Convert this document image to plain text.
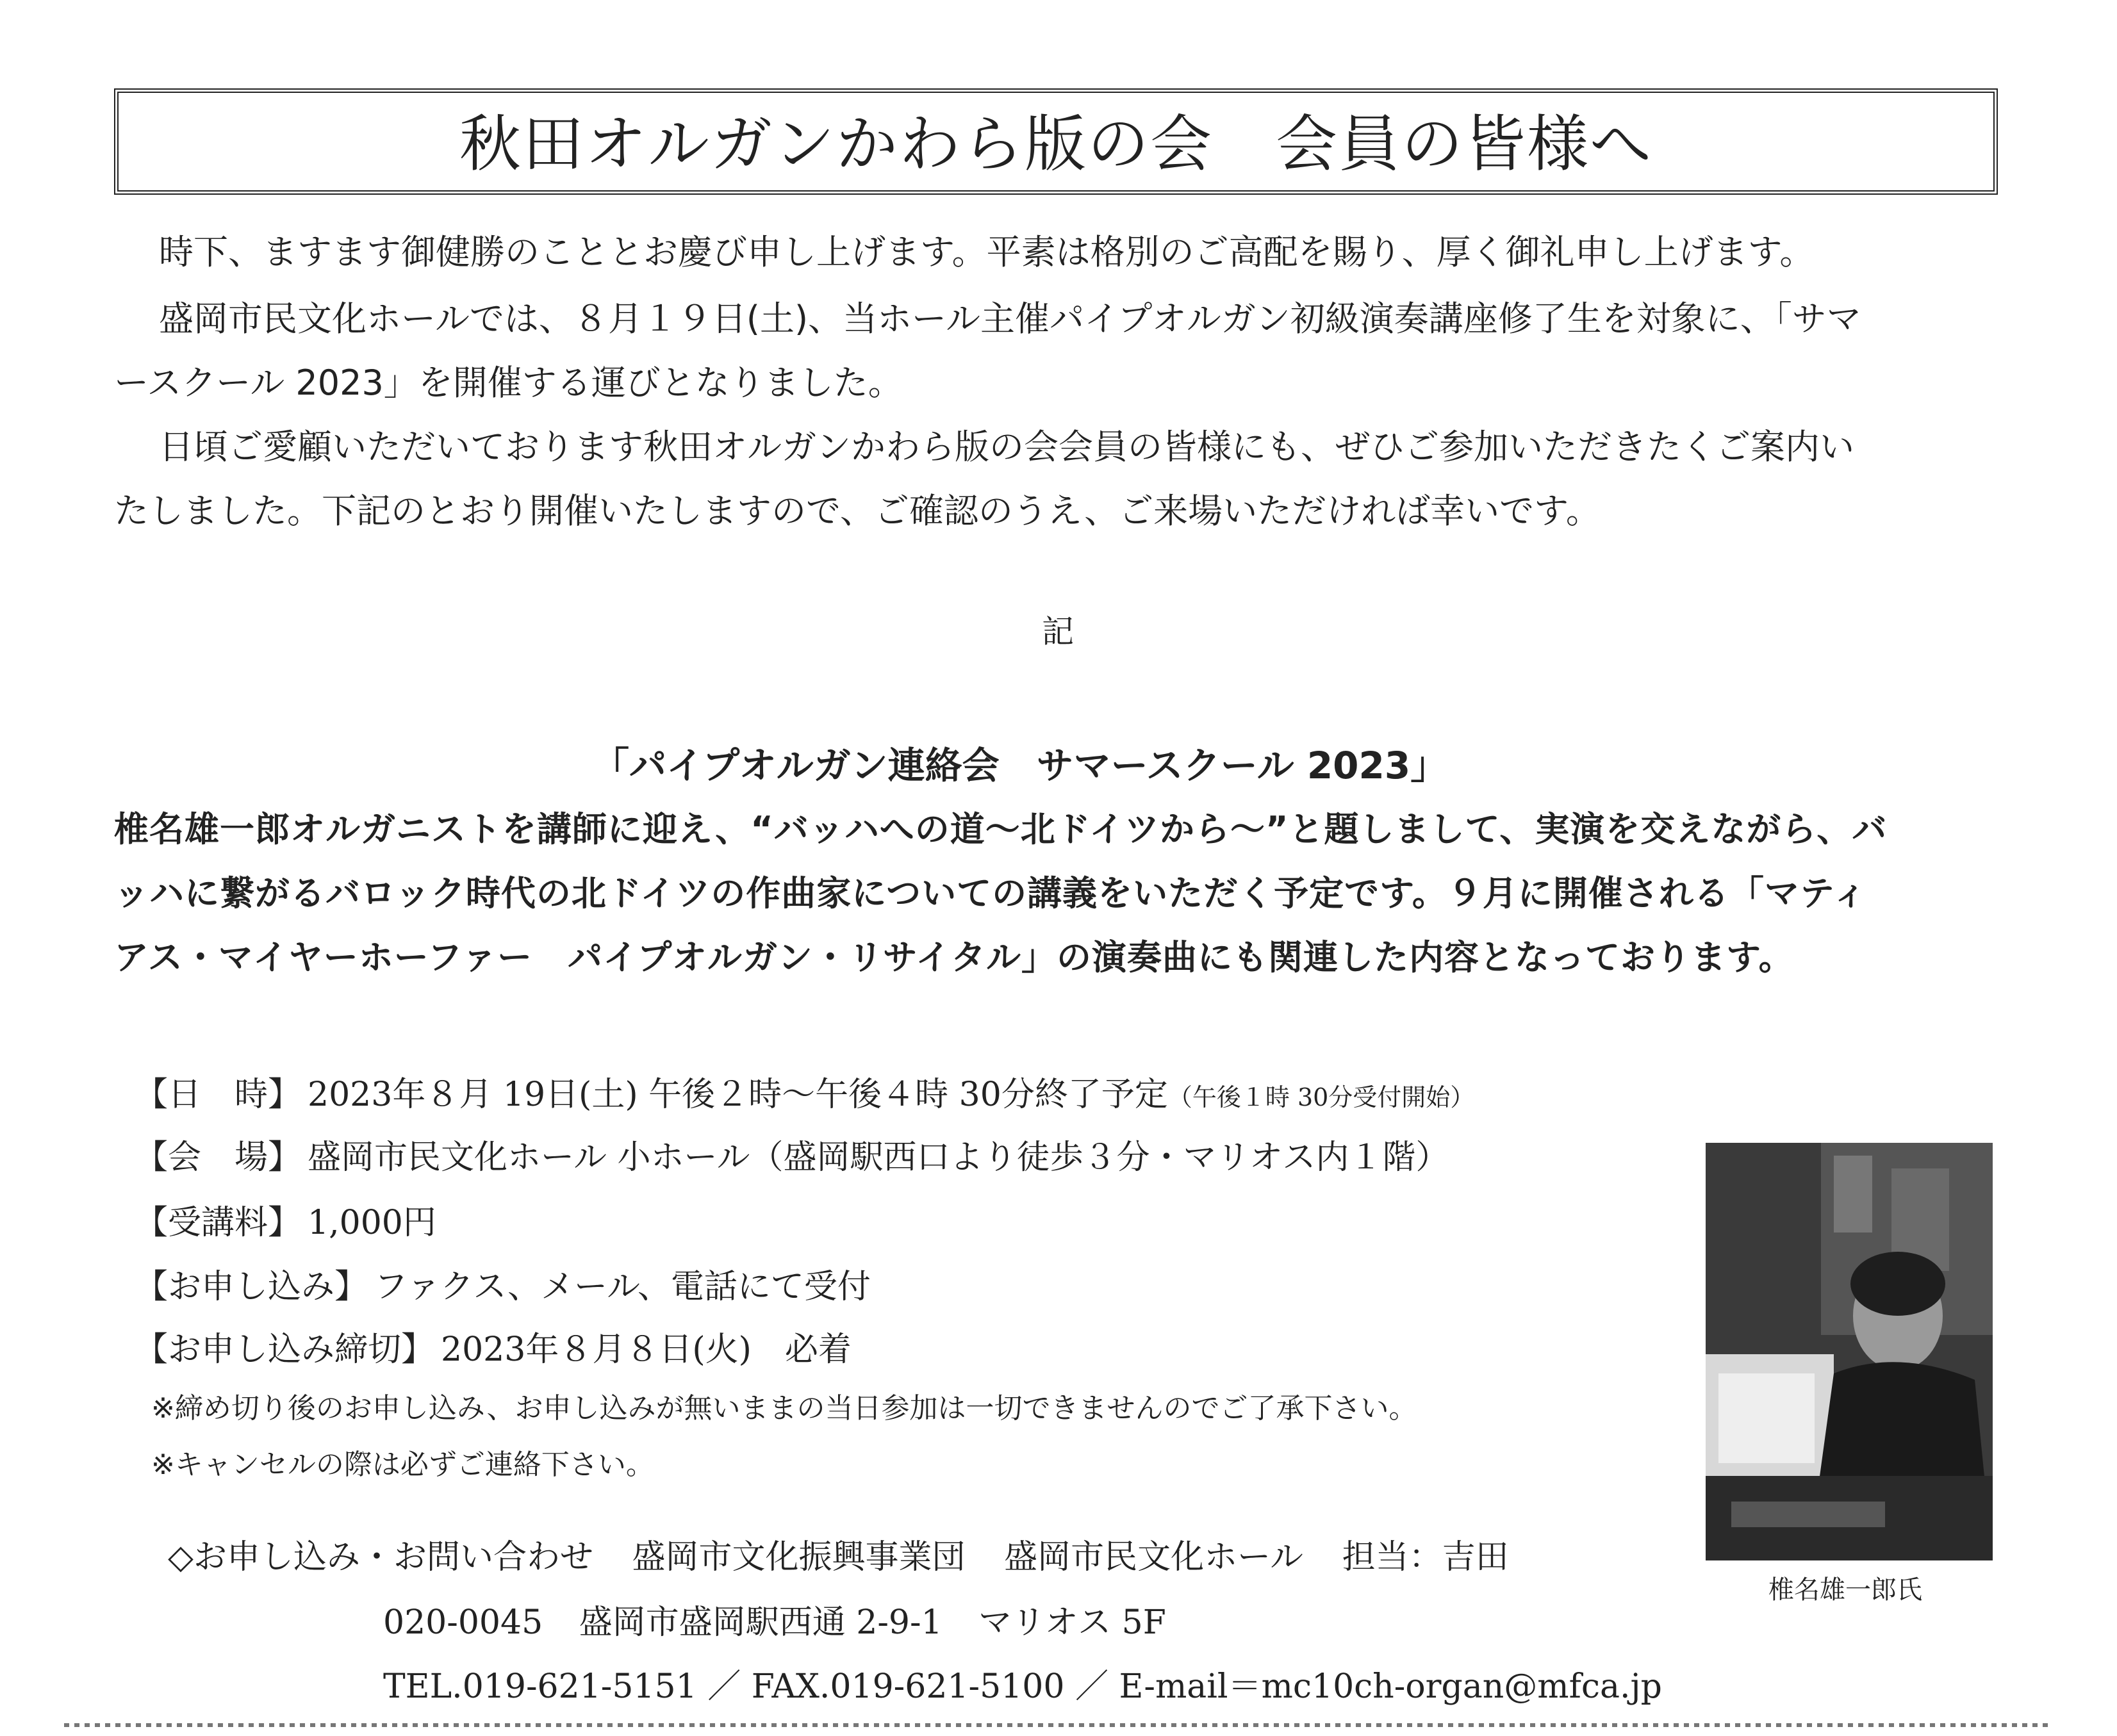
秋田オルガンかわら版の会　会員の皆様へ
時下、ますます御健勝のこととお慶び申し上げます。平素は格別のご高配を賜り、厚く御礼申し上げます。
盛岡市民文化ホールでは、８月１９日(土)、当ホール主催パイプオルガン初級演奏講座修了生を対象に、「サマ
ースクール 2023」を開催する運びとなりました。
日頃ご愛顧いただいております秋田オルガンかわら版の会会員の皆様にも、ぜひご参加いただきたくご案内い
たしました。下記のとおり開催いたしますので、ご確認のうえ、ご来場いただければ幸いです。
記
「パイプオルガン連絡会　サマースクール 2023」
椎名雄一郎オルガニストを講師に迎え、“バッハへの道～北ドイツから～”と題しまして、実演を交えながら、バ
ッハに繋がるバロック時代の北ドイツの作曲家についての講義をいただく予定です。９月に開催される「マティ
アス・マイヤーホーファー　パイプオルガン・リサイタル」の演奏曲にも関連した内容となっております。
【日　時】 2023年８月 19日(土) 午後２時～午後４時 30分終了予定（午後１時 30分受付開始）
【会　場】 盛岡市民文化ホール 小ホール（盛岡駅西口より徒歩３分・マリオス内１階）
【受講料】 1,000円
【お申し込み】 ファクス、メール、電話にて受付
【お申し込み締切】 2023年８月８日(火)　必着
※締め切り後のお申し込み、お申し込みが無いままの当日参加は一切できませんのでご了承下さい。
※キャンセルの際は必ずご連絡下さい。
◇お申し込み・お問い合わせ 盛岡市文化振興事業団 盛岡市民文化ホール 担当：吉田
020-0045 盛岡市盛岡駅西通 2-9-1 マリオス 5F
TEL.019-621-5151 ／ FAX.019-621-5100 ／ E-mail＝mc10ch-organ@mfca.jp
椎名雄一郎氏
